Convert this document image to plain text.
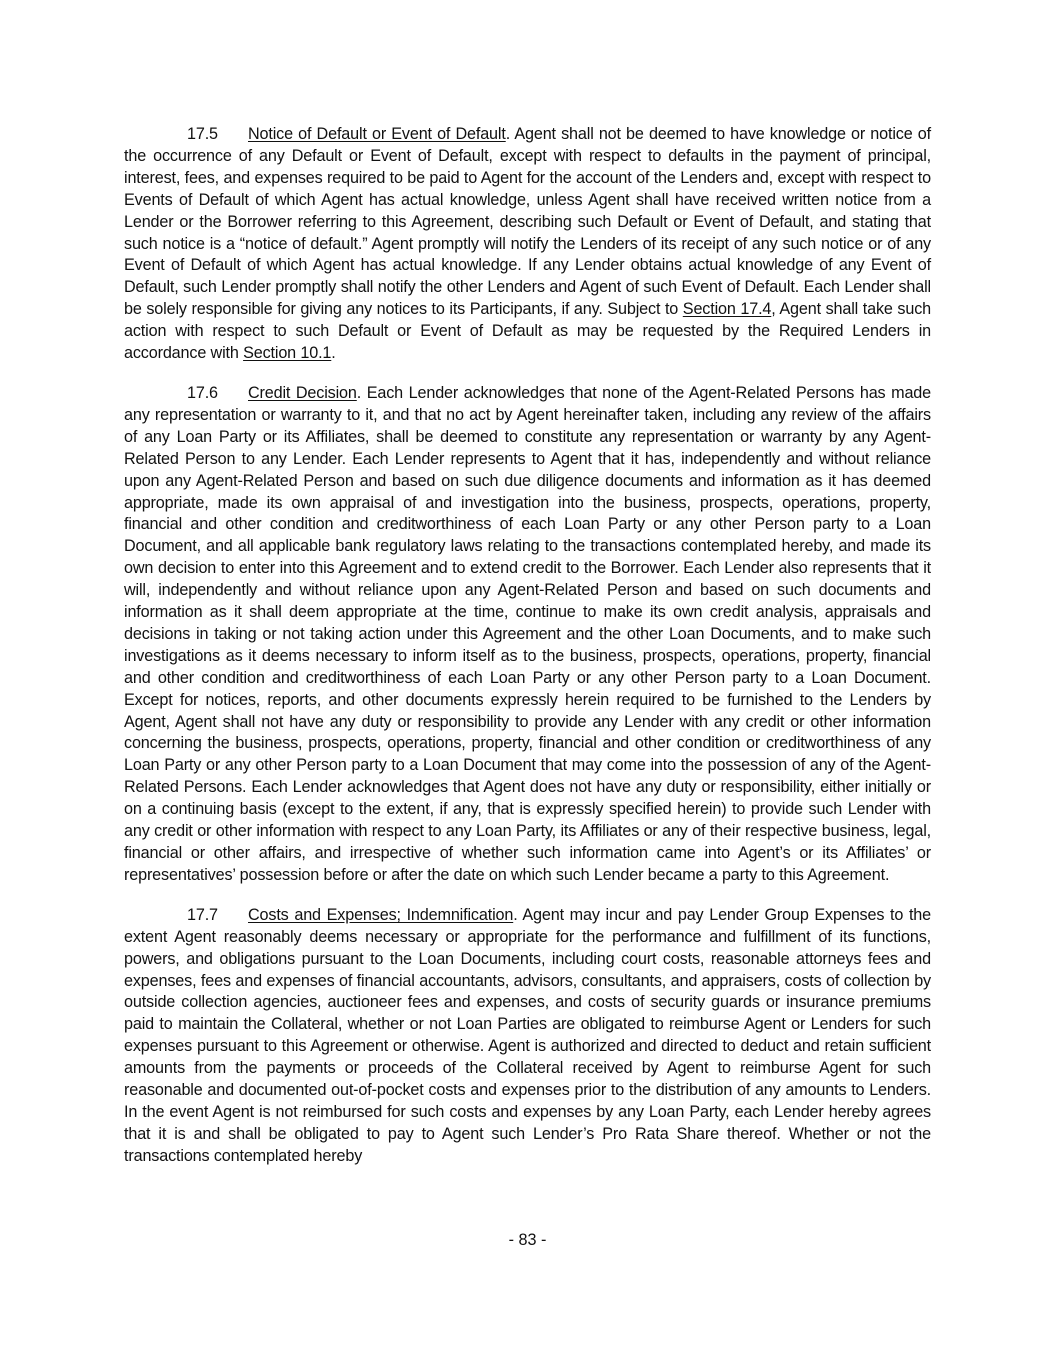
17.5 Notice of Default or Event of Default. Agent shall not be deemed to have knowledge or notice of the occurrence of any Default or Event of Default, except with respect to defaults in the payment of principal, interest, fees, and expenses required to be paid to Agent for the account of the Lenders and, except with respect to Events of Default of which Agent has actual knowledge, unless Agent shall have received written notice from a Lender or the Borrower referring to this Agreement, describing such Default or Event of Default, and stating that such notice is a “notice of default.” Agent promptly will notify the Lenders of its receipt of any such notice or of any Event of Default of which Agent has actual knowledge. If any Lender obtains actual knowledge of any Event of Default, such Lender promptly shall notify the other Lenders and Agent of such Event of Default. Each Lender shall be solely responsible for giving any notices to its Participants, if any. Subject to Section 17.4, Agent shall take such action with respect to such Default or Event of Default as may be requested by the Required Lenders in accordance with Section 10.1.

17.6 Credit Decision. Each Lender acknowledges that none of the Agent-Related Persons has made any representation or warranty to it, and that no act by Agent hereinafter taken, including any review of the affairs of any Loan Party or its Affiliates, shall be deemed to constitute any representation or warranty by any Agent-Related Person to any Lender. Each Lender represents to Agent that it has, independently and without reliance upon any Agent-Related Person and based on such due diligence documents and information as it has deemed appropriate, made its own appraisal of and investigation into the business, prospects, operations, property, financial and other condition and creditworthiness of each Loan Party or any other Person party to a Loan Document, and all applicable bank regulatory laws relating to the transactions contemplated hereby, and made its own decision to enter into this Agreement and to extend credit to the Borrower. Each Lender also represents that it will, independently and without reliance upon any Agent-Related Person and based on such documents and information as it shall deem appropriate at the time, continue to make its own credit analysis, appraisals and decisions in taking or not taking action under this Agreement and the other Loan Documents, and to make such investigations as it deems necessary to inform itself as to the business, prospects, operations, property, financial and other condition and creditworthiness of each Loan Party or any other Person party to a Loan Document. Except for notices, reports, and other documents expressly herein required to be furnished to the Lenders by Agent, Agent shall not have any duty or responsibility to provide any Lender with any credit or other information concerning the business, prospects, operations, property, financial and other condition or creditworthiness of any Loan Party or any other Person party to a Loan Document that may come into the possession of any of the Agent-Related Persons. Each Lender acknowledges that Agent does not have any duty or responsibility, either initially or on a continuing basis (except to the extent, if any, that is expressly specified herein) to provide such Lender with any credit or other information with respect to any Loan Party, its Affiliates or any of their respective business, legal, financial or other affairs, and irrespective of whether such information came into Agent’s or its Affiliates’ or representatives’ possession before or after the date on which such Lender became a party to this Agreement.

17.7 Costs and Expenses; Indemnification. Agent may incur and pay Lender Group Expenses to the extent Agent reasonably deems necessary or appropriate for the performance and fulfillment of its functions, powers, and obligations pursuant to the Loan Documents, including court costs, reasonable attorneys fees and expenses, fees and expenses of financial accountants, advisors, consultants, and appraisers, costs of collection by outside collection agencies, auctioneer fees and expenses, and costs of security guards or insurance premiums paid to maintain the Collateral, whether or not Loan Parties are obligated to reimburse Agent or Lenders for such expenses pursuant to this Agreement or otherwise. Agent is authorized and directed to deduct and retain sufficient amounts from the payments or proceeds of the Collateral received by Agent to reimburse Agent for such reasonable and documented out-of-pocket costs and expenses prior to the distribution of any amounts to Lenders. In the event Agent is not reimbursed for such costs and expenses by any Loan Party, each Lender hereby agrees that it is and shall be obligated to pay to Agent such Lender’s Pro Rata Share thereof. Whether or not the transactions contemplated hereby

- 83 -
